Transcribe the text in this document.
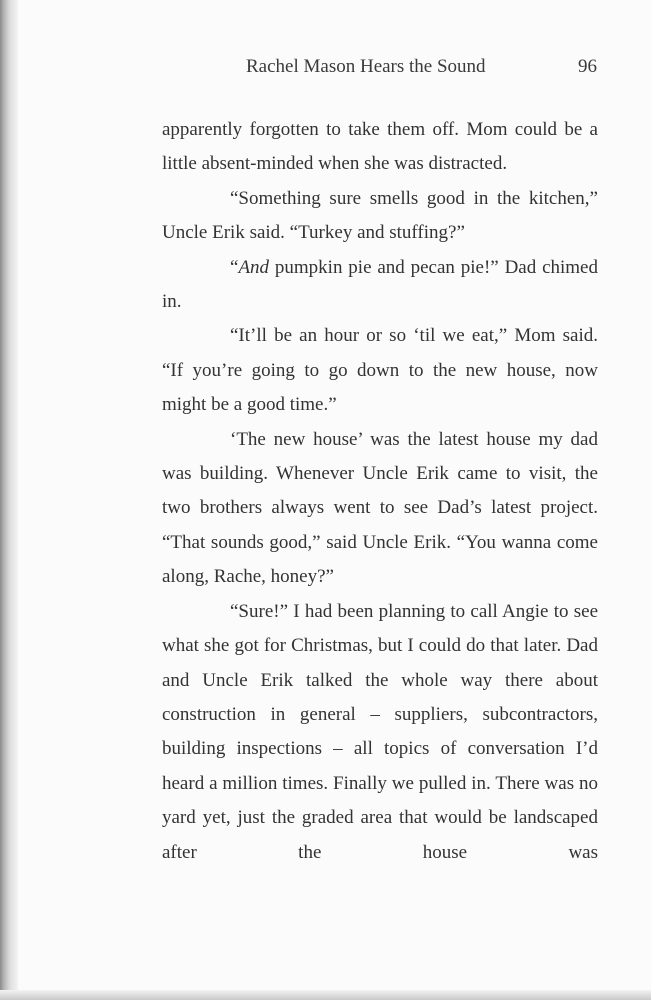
Rachel Mason Hears the Sound	96

apparently forgotten to take them off. Mom could be a little absent-minded when she was distracted.

“Something sure smells good in the kitchen,” Uncle Erik said. “Turkey and stuffing?”

“And pumpkin pie and pecan pie!” Dad chimed in.

“It’ll be an hour or so ‘til we eat,” Mom said. “If you’re going to go down to the new house, now might be a good time.”

‘The new house’ was the latest house my dad was building. Whenever Uncle Erik came to visit, the two brothers always went to see Dad’s latest project. “That sounds good,” said Uncle Erik. “You wanna come along, Rache, honey?”

“Sure!” I had been planning to call Angie to see what she got for Christmas, but I could do that later. Dad and Uncle Erik talked the whole way there about construction in general – suppliers, subcontractors, building inspections – all topics of conversation I’d heard a million times. Finally we pulled in. There was no yard yet, just the graded area that would be landscaped after the house was
